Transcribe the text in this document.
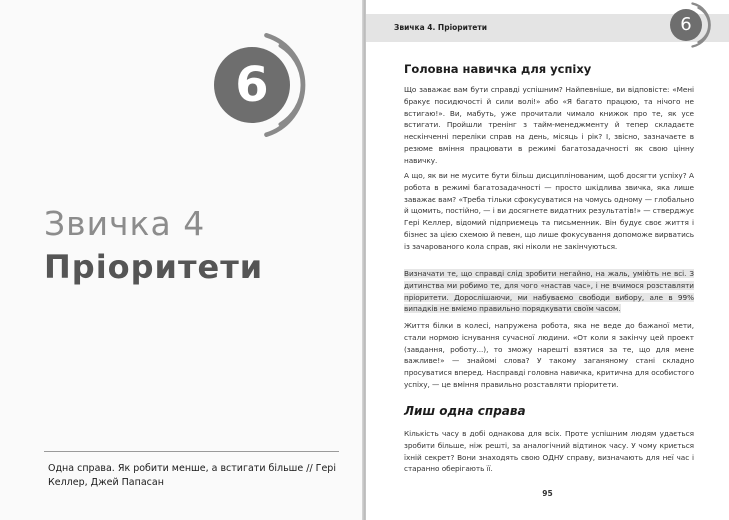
6
Звичка 4
Пріоритети
Одна справа. Як робити менше, а встигати більше // Гері Келлер, Джей Папасан
Звичка 4. Пріоритети	6
Головна навичка для успіху
Що заважає вам бути справді успішним? Найпевніше, ви відповісте: «Мені бракує посидючості й сили волі!» або «Я багато працюю, та нічого не встигаю!». Ви, мабуть, уже прочитали чимало книжок про те, як усе встигати. Пройшли тренінг з тайм-менеджменту й тепер складаєте нескінченні переліки справ на день, місяць і рік? І, звісно, зазначаєте в резюме вміння працювати в режимі багатозадачності як свою цінну навичку.
А що, як ви не мусите бути більш дисциплінованим, щоб досягти успіху? А робота в режимі багатозадачності — просто шкідлива звичка, яка лише заважає вам? «Треба тільки сфокусуватися на чомусь одному — глобально й щомить, постійно, — і ви досягнете видатних результатів!» — стверджує Гері Келлер, відомий підприємець та письменник. Він будує своє життя і бізнес за цією схемою й певен, що лише фокусування допоможе вирватись із зачарованого кола справ, які ніколи не закінчуються.
Визначати те, що справді слід зробити негайно, на жаль, умію́ть не всі. З дитинства ми робимо те, для чого «настав час», і не вчимося розставляти пріоритети. Дорослішаючи, ми набуваємо свободи вибору, але в 99% випадків не вміємо правильно порядкувати своїм часом.
Життя білки в колесі, напружена робота, яка не веде до бажаної мети, стали нормою існування сучасної людини. «От коли я закінчу цей проект (завдання, роботу...), то зможу нарешті взятися за те, що для мене важливе!» — знайомі слова? У такому заганяному стані складно просуватися вперед. Насправді головна навичка, критична для особистого успіху, — це вміння правильно розставляти пріоритети.
Лиш одна справа
Кількість часу в добі однакова для всіх. Проте успішним людям удається зробити більше, ніж решті, за аналогічний відтинок часу. У чому криється їхній секрет? Вони знаходять свою ОДНУ справу, визначають для неї час і старанно оберігають її.
95
